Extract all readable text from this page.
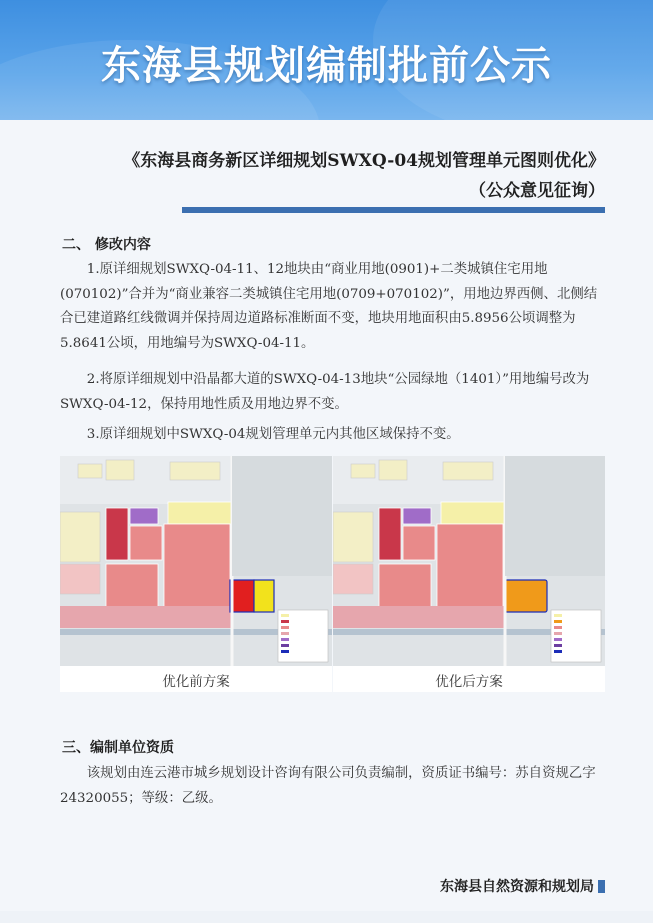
东海县规划编制批前公示
《东海县商务新区详细规划SWXQ-04规划管理单元图则优化》
（公众意见征询）
二、 修改内容
1.原详细规划SWXQ-04-11、12地块由“商业用地(0901)+二类城镇住宅用地(070102)”合并为“商业兼容二类城镇住宅用地(0709+070102)”，用地边界西侧、北侧结合已建道路红线微调并保持周边道路标准断面不变，地块用地面积由5.8956公顷调整为5.8641公顷，用地编号为SWXQ-04-11。
2.将原详细规划中沿晶都大道的SWXQ-04-13地块“公园绿地（1401）”用地编号改为SWXQ-04-12，保持用地性质及用地边界不变。
3.原详细规划中SWXQ-04规划管理单元内其他区域保持不变。
优化前方案	优化后方案
三、编制单位资质
该规划由连云港市城乡规划设计咨询有限公司负责编制，资质证书编号：苏自资规乙字24320055；等级：乙级。
东海县自然资源和规划局
